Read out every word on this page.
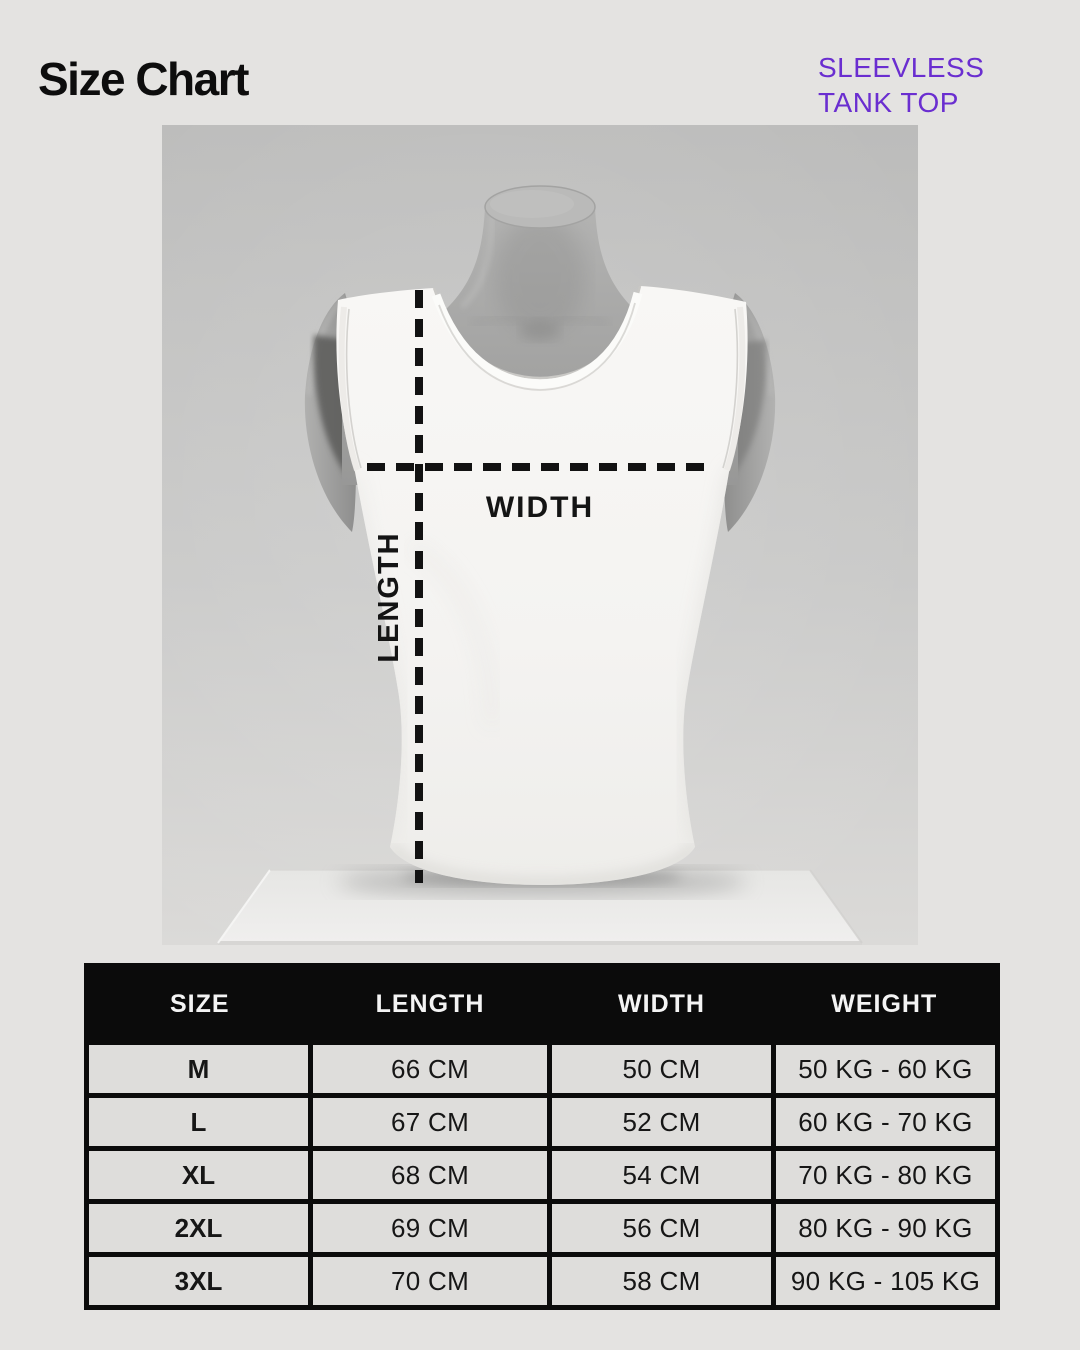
Size Chart	SLEEVLESS
TANK TOP
WIDTH
LENGTH
SIZE	LENGTH	WIDTH	WEIGHT
M	66 CM	50 CM	50 KG - 60 KG
L	67 CM	52 CM	60 KG - 70 KG
XL	68 CM	54 CM	70 KG - 80 KG
2XL	69 CM	56 CM	80 KG - 90 KG
3XL	70 CM	58 CM	90 KG - 105 KG
